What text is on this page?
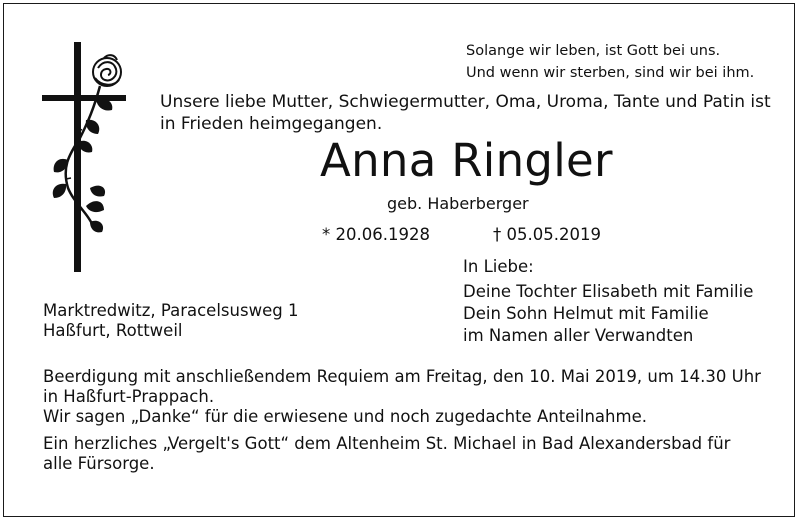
Solange wir leben, ist Gott bei uns.
Und wenn wir sterben, sind wir bei ihm.
Unsere liebe Mutter, Schwiegermutter, Oma, Uroma, Tante und Patin ist
in Frieden heimgegangen.
Anna Ringler
geb. Haberberger
* 20.06.1928	† 05.05.2019
In Liebe:
Deine Tochter Elisabeth mit Familie
Dein Sohn Helmut mit Familie
im Namen aller Verwandten
Marktredwitz, Paracelsusweg 1
Haßfurt, Rottweil
Beerdigung mit anschließendem Requiem am Freitag, den 10. Mai 2019, um 14.30 Uhr in Haßfurt-Prappach.
Wir sagen „Danke“ für die erwiesene und noch zugedachte Anteilnahme.
Ein herzliches „Vergelt's Gott“ dem Altenheim St. Michael in Bad Alexandersbad für alle Fürsorge.
